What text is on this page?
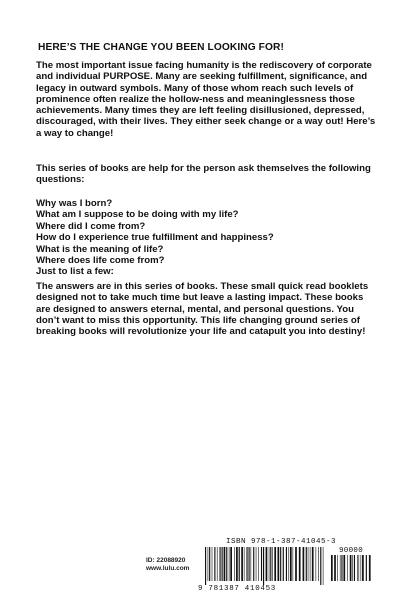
HERE’S THE CHANGE YOU BEEN LOOKING FOR!

The most important issue facing humanity is the rediscovery of corporate and individual PURPOSE. Many are seeking fulfillment, significance, and legacy in outward symbols. Many of those whom reach such levels of prominence often realize the hollow-ness and meaninglessness those achievements. Many times they are left feeling disillusioned, depressed, discouraged, with their lives. They either seek change or a way out! Here’s a way to change!

This series of books are help for the person ask themselves the following questions:

Why was I born?
What am I suppose to be doing with my life?
Where did I come from?
How do I experience true fulfillment and happiness?
What is the meaning of life?
Where does life come from?
Just to list a few:

The answers are in this series of books. These small quick read booklets designed not to take much time but leave a lasting impact. These books are designed to answers eternal, mental, and personal questions. You don’t want to miss this opportunity. This life changing ground series of breaking books will revolutionize your life and catapult you into destiny!

ID: 22088920
www.lulu.com
ISBN 978-1-387-41045-3
90000
9 781387 410453
